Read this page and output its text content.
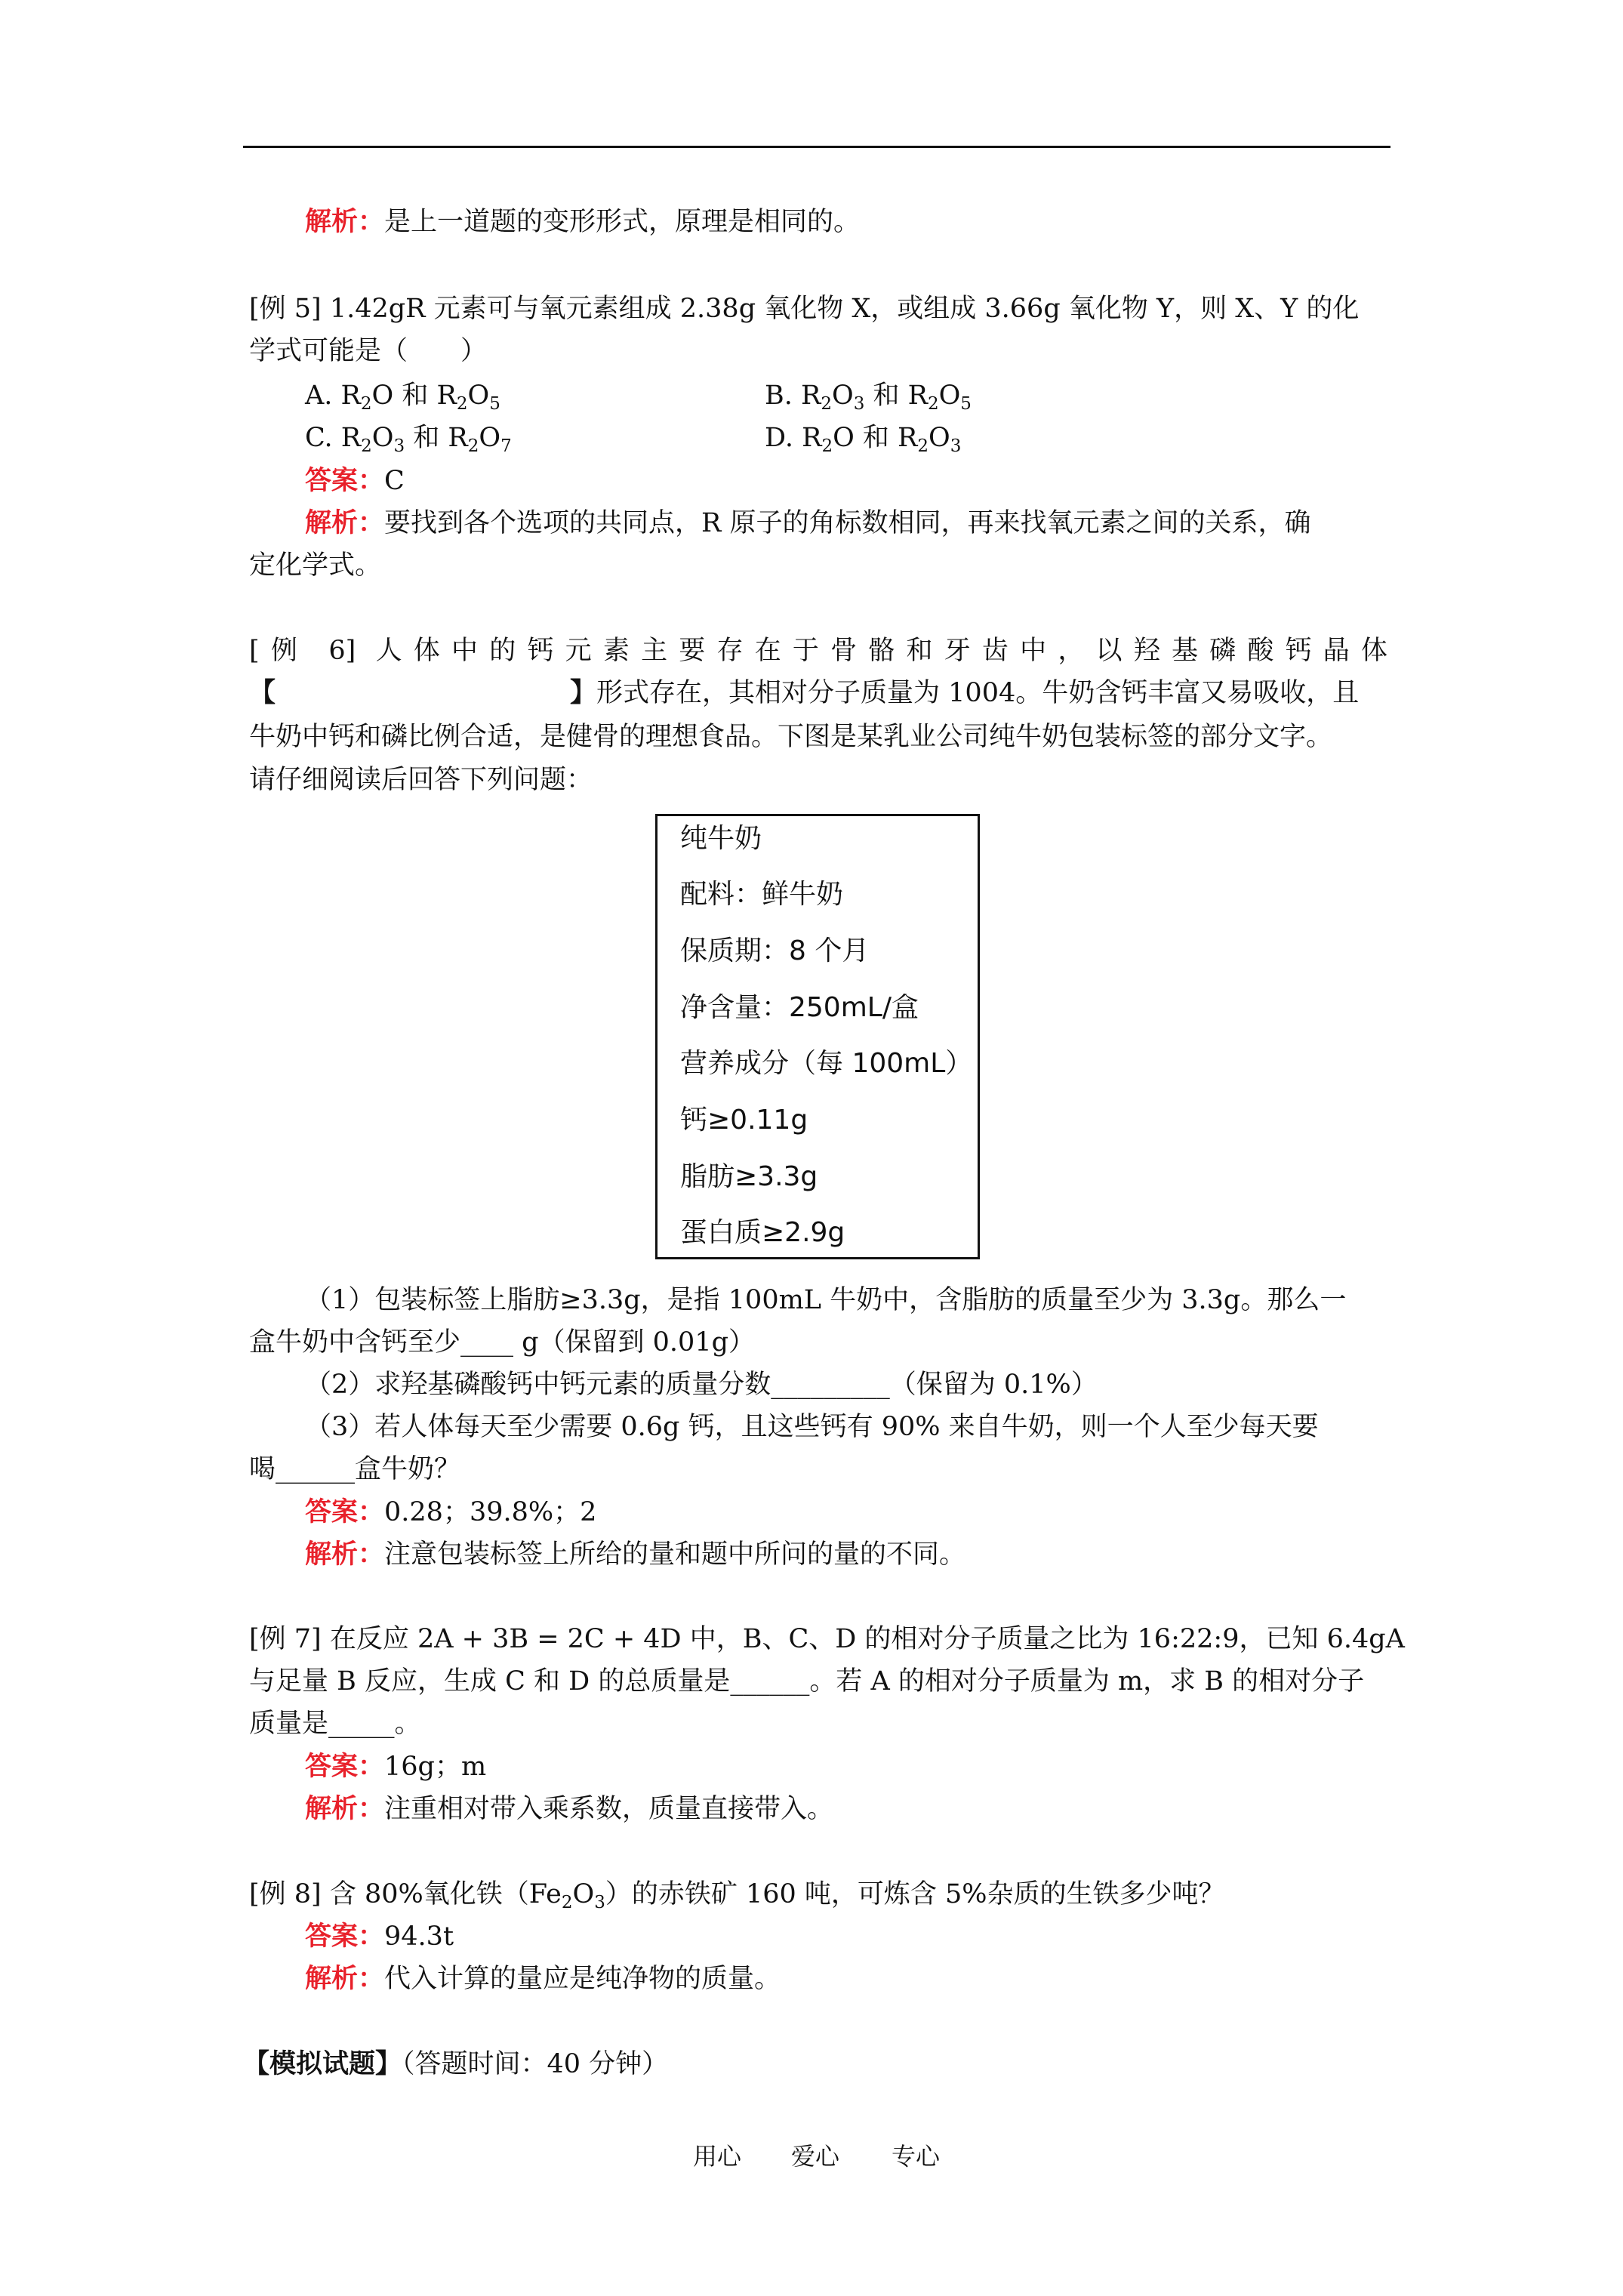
解析：是上一道题的变形形式，原理是相同的。
[例 5] 1.42gR 元素可与氧元素组成 2.38g 氧化物 X，或组成 3.66g 氧化物 Y，则 X、Y 的化
学式可能是（　　）
A. $R_2O$ 和 $R_2O_5$	B. $R_2O_3$ 和 $R_2O_5$
C. $R_2O_3$ 和 $R_2O_7$	D. $R_2O$ 和 $R_2O_3$
答案：C
解析：要找到各个选项的共同点，R 原子的角标数相同，再来找氧元素之间的关系，确
定化学式。
[例 6] 人体中的钙元素主要存在于骨骼和牙齿中，以羟基磷酸钙晶体
【	】形式存在，其相对分子质量为 1004。牛奶含钙丰富又易吸收，且
牛奶中钙和磷比例合适，是健骨的理想食品。下图是某乳业公司纯牛奶包装标签的部分文字。
请仔细阅读后回答下列问题：
纯牛奶
配料：鲜牛奶
保质期：8 个月
净含量：250mL/盒
营养成分（每 100mL）
钙≥0.11g
脂肪≥3.3g
蛋白质≥2.9g
（1）包装标签上脂肪≥3.3g，是指 100mL 牛奶中，含脂肪的质量至少为 3.3g。那么一
盒牛奶中含钙至少____ g（保留到 0.01g）
（2）求羟基磷酸钙中钙元素的质量分数_________（保留为 0.1%）
（3）若人体每天至少需要 0.6g 钙，且这些钙有 90% 来自牛奶，则一个人至少每天要
喝______盒牛奶？
答案：0.28；39.8%；2
解析：注意包装标签上所给的量和题中所问的量的不同。
[例 7] 在反应 2A + 3B = 2C + 4D 中，B、C、D 的相对分子质量之比为 16:22:9，已知 6.4gA
与足量 B 反应，生成 C 和 D 的总质量是______。若 A 的相对分子质量为 m，求 B 的相对分子
质量是_____。
答案：16g；m
解析：注重相对带入乘系数，质量直接带入。
[例 8] 含 80%氧化铁$(Fe_2O_3)$的赤铁矿 160 吨，可炼含 5%杂质的生铁多少吨？
答案：94.3t
解析：代入计算的量应是纯净物的质量。
【模拟试题】（答题时间：40 分钟）
用心 爱心 专心
